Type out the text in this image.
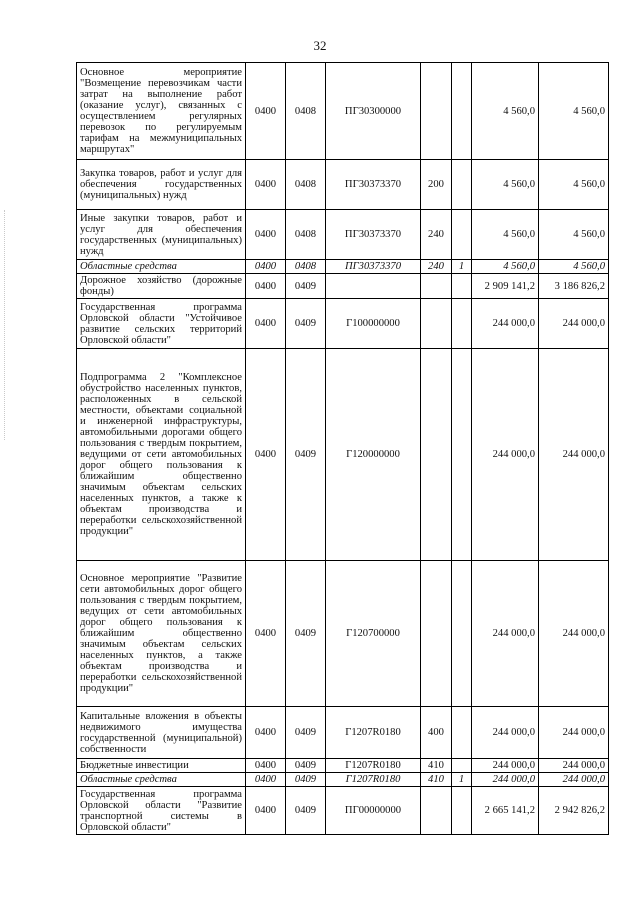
32
Основное мероприятие "Возмещение перевозчикам части затрат на выполнение работ (оказание услуг), связанных с осуществлением регулярных перевозок по регулируемым тарифам на межмуниципальных маршрутах"	0400	0408	ПГ30300000			4 560,0	4 560,0
Закупка товаров, работ и услуг для обеспечения государственных (муниципальных) нужд	0400	0408	ПГ30373370	200		4 560,0	4 560,0
Иные закупки товаров, работ и услуг для обеспечения государственных (муниципальных) нужд	0400	0408	ПГ30373370	240		4 560,0	4 560,0
Областные средства	0400	0408	ПГ30373370	240	1	4 560,0	4 560,0
Дорожное хозяйство (дорожные фонды)	0400	0409				2 909 141,2	3 186 826,2
Государственная программа Орловской области "Устойчивое развитие сельских территорий Орловской области"	0400	0409	Г100000000			244 000,0	244 000,0
Подпрограмма 2 "Комплексное обустройство населенных пунктов, расположенных в сельской местности, объектами социальной и инженерной инфраструктуры, автомобильными дорогами общего пользования с твердым покрытием, ведущими от сети автомобильных дорог общего пользования к ближайшим общественно значимым объектам сельских населенных пунктов, а также к объектам производства и переработки сельскохозяйственной продукции"	0400	0409	Г120000000			244 000,0	244 000,0
Основное мероприятие "Развитие сети автомобильных дорог общего пользования с твердым покрытием, ведущих от сети автомобильных дорог общего пользования к ближайшим общественно значимым объектам сельских населенных пунктов, а также объектам производства и переработки сельскохозяйственной продукции"	0400	0409	Г120700000			244 000,0	244 000,0
Капитальные вложения в объекты недвижимого имущества государственной (муниципальной) собственности	0400	0409	Г1207R0180	400		244 000,0	244 000,0
Бюджетные инвестиции	0400	0409	Г1207R0180	410		244 000,0	244 000,0
Областные средства	0400	0409	Г1207R0180	410	1	244 000,0	244 000,0
Государственная программа Орловской области "Развитие транспортной системы в Орловской области"	0400	0409	ПГ00000000			2 665 141,2	2 942 826,2
